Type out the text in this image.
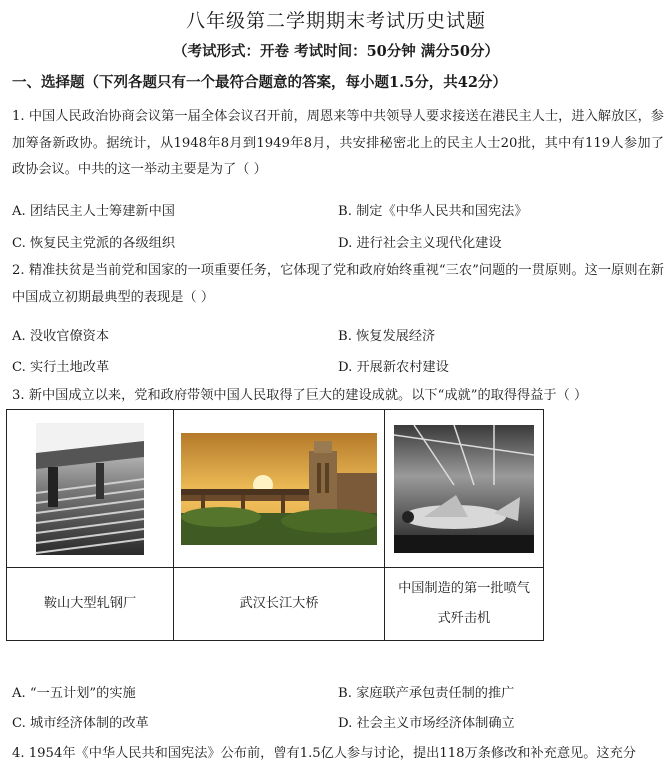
八年级第二学期期末考试历史试题
（考试形式：开卷 考试时间：50分钟 满分50分）
一、选择题（下列各题只有一个最符合题意的答案，每小题1.5分，共42分）

1. 中国人民政治协商会议第一届全体会议召开前，周恩来等中共领导人要求接送在港民主人士，进入解放区，参加筹备新政协。据统计，从1948年8月到1949年8月，共安排秘密北上的民主人士20批，其中有119人参加了政协会议。中共的这一举动主要是为了（ ）

A. 团结民主人士筹建新中国	B. 制定《中华人民共和国宪法》
C. 恢复民主党派的各级组织	D. 进行社会主义现代化建设

2. 精准扶贫是当前党和国家的一项重要任务，它体现了党和政府始终重视“三农”问题的一贯原则。这一原则在新中国成立初期最典型的表现是（ ）

A. 没收官僚资本	B. 恢复发展经济
C. 实行土地改革	D. 开展新农村建设

3. 新中国成立以来，党和政府带领中国人民取得了巨大的建设成就。以下“成就”的取得得益于（ ）

鞍山大型轧钢厂	武汉长江大桥	中国制造的第一批喷气式歼击机
A. “一五计划”的实施	B. 家庭联产承包责任制的推广
C. 城市经济体制的改革	D. 社会主义市场经济体制确立
4. 1954年《中华人民共和国宪法》公布前，曾有1.5亿人参与讨论，提出118万条修改和补充意见。这充分
